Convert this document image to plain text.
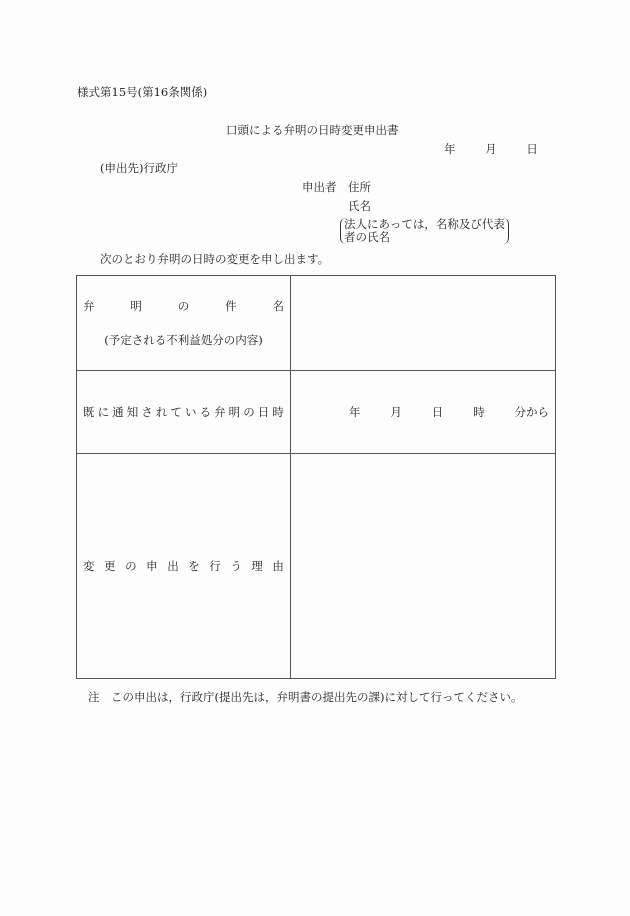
様式第15号(第16条関係)
口頭による弁明の日時変更申出書
年	月	日
(申出先)行政庁
申出者 住所
氏名
法人にあっては，名称及び代表
者の氏名
次のとおり弁明の日時の変更を申し出ます。
弁	明	の	件	名
(予定される不利益処分の内容)

既 に 通 知 さ れ て い る 弁 明 の 日 時	年	月	日	時	分から

変 更 の 申 出 を 行 う 理 由

注　この申出は，行政庁(提出先は，弁明書の提出先の課)に対して行ってください。
